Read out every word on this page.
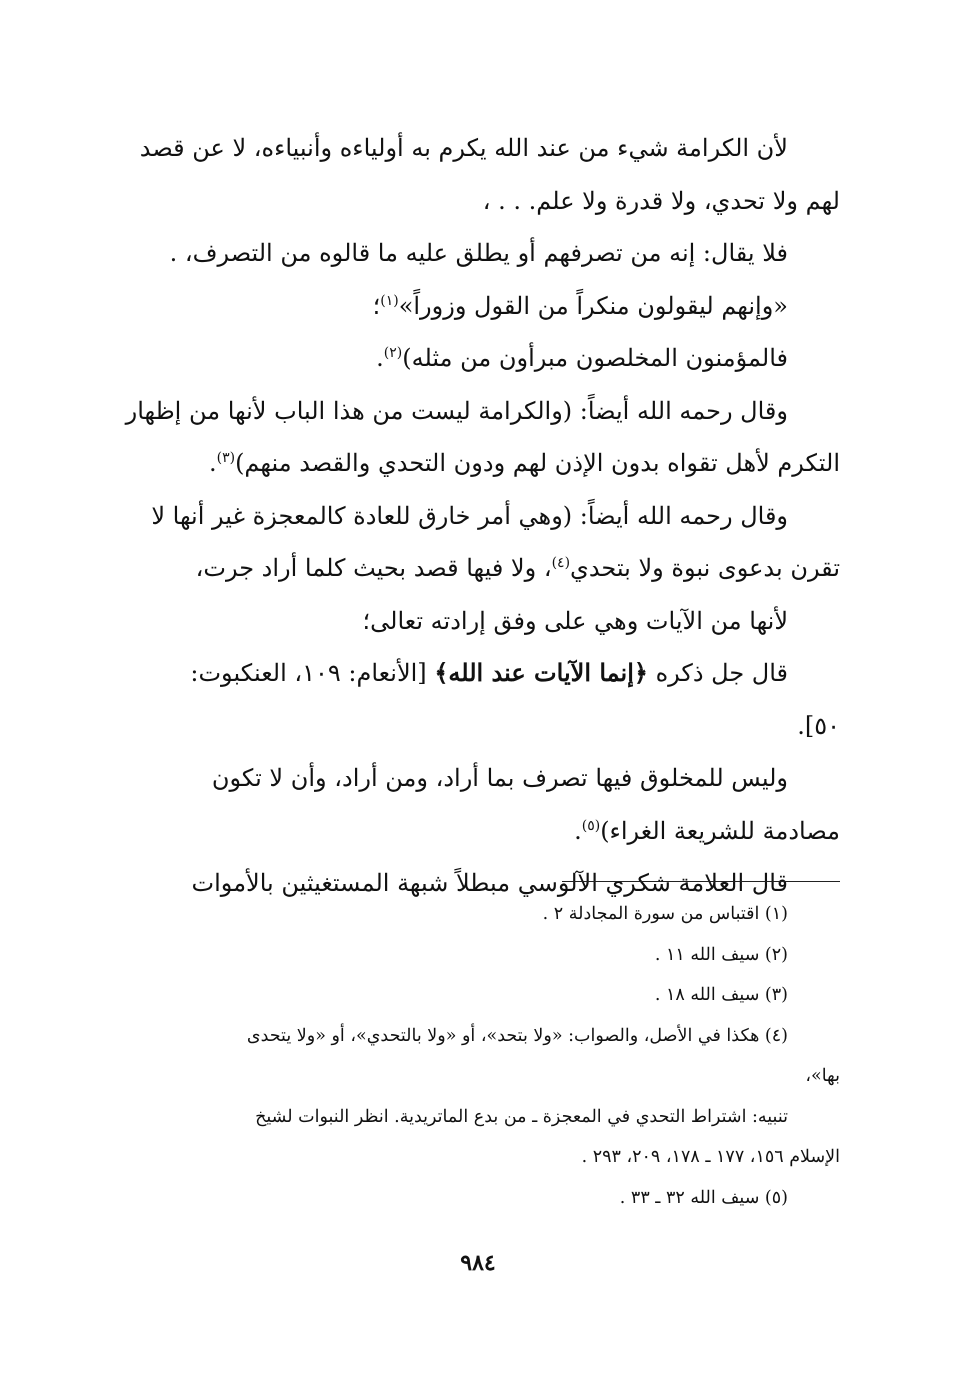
لأن الكرامة شيء من عند الله يكرم به أولياءه وأنبياءه، لا عن قصد

لهم ولا تحدي، ولا قدرة ولا علم. . . ،

فلا يقال: إنه من تصرفهم أو يطلق عليه ما قالوه من التصرف، .

«وإنهم ليقولون منكراً من القول وزوراً»$^{(١)}$؛

فالمؤمنون المخلصون مبرأون من مثله)$^{(٢)}$.

وقال رحمه الله أيضاً: (والكرامة ليست من هذا الباب لأنها من إظهار

التكرم لأهل تقواه بدون الإذن لهم ودون التحدي والقصد منهم)$^{(٣)}$.

وقال رحمه الله أيضاً: (وهي أمر خارق للعادة كالمعجزة غير أنها لا

تقرن بدعوى نبوة ولا بتحدي$^{(٤)}$، ولا فيها قصد بحيث كلما أراد جرت،

لأنها من الآيات وهي على وفق إرادته تعالى؛

قال جل ذكره ﴿إنما الآيات عند الله﴾ [الأنعام: ١٠٩، العنكبوت:

٥٠].

وليس للمخلوق فيها تصرف بما أراد، ومن أراد، وأن لا تكون

مصادمة للشريعة الغراء)$^{(٥)}$.

قال العلامة شكري الآلوسي مبطلاً شبهة المستغيثين بالأموات

(١) اقتباس من سورة المجادلة ٢ .

(٢) سيف الله ١١ .

(٣) سيف الله ١٨ .

(٤) هكذا في الأصل، والصواب: «ولا بتحد»، أو «ولا بالتحدي»، أو «ولا يتحدى

بها»،

تنبيه: اشتراط التحدي في المعجزة ـ من بدع الماتريدية. انظر النبوات لشيخ

الإسلام ١٥٦، ١٧٧ ـ ١٧٨، ٢٠٩، ٢٩٣ .

(٥) سيف الله ٣٢ ـ ٣٣ .

٩٨٤
